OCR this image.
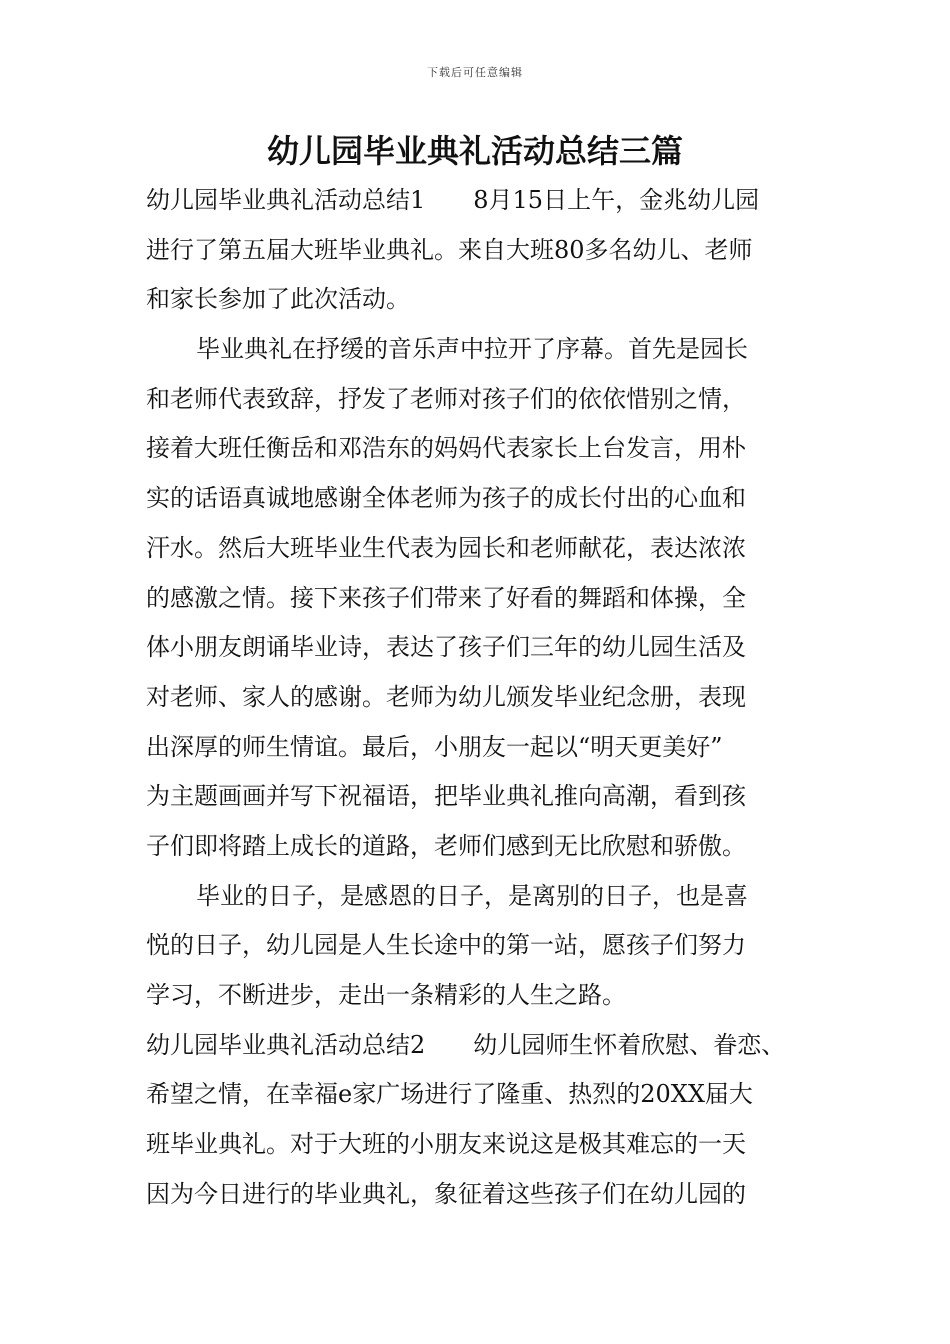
下载后可任意编辑
幼儿园毕业典礼活动总结三篇
幼儿园毕业典礼活动总结1　　8月15日上午，金兆幼儿园
进行了第五届大班毕业典礼。来自大班80多名幼儿、老师
和家长参加了此次活动。
毕业典礼在抒缓的音乐声中拉开了序幕。首先是园长
和老师代表致辞，抒发了老师对孩子们的依依惜别之情，
接着大班任衡岳和邓浩东的妈妈代表家长上台发言，用朴
实的话语真诚地感谢全体老师为孩子的成长付出的心血和
汗水。然后大班毕业生代表为园长和老师献花，表达浓浓
的感激之情。接下来孩子们带来了好看的舞蹈和体操，全
体小朋友朗诵毕业诗，表达了孩子们三年的幼儿园生活及
对老师、家人的感谢。老师为幼儿颁发毕业纪念册，表现
出深厚的师生情谊。最后，小朋友一起以“明天更美好”
为主题画画并写下祝福语，把毕业典礼推向高潮，看到孩
子们即将踏上成长的道路，老师们感到无比欣慰和骄傲。
毕业的日子，是感恩的日子，是离别的日子，也是喜
悦的日子，幼儿园是人生长途中的第一站，愿孩子们努力
学习，不断进步，走出一条精彩的人生之路。
幼儿园毕业典礼活动总结2　　幼儿园师生怀着欣慰、眷恋、
希望之情，在幸福e家广场进行了隆重、热烈的20XX届大
班毕业典礼。对于大班的小朋友来说这是极其难忘的一天
因为今日进行的毕业典礼，象征着这些孩子们在幼儿园的
